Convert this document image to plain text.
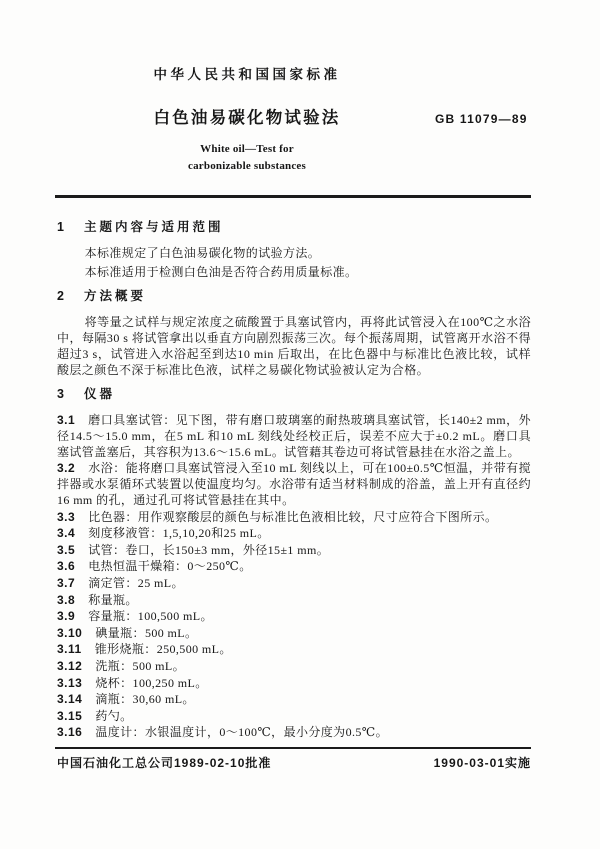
中华人民共和国国家标准
白色油易碳化物试验法	GB 11079—89
White oil—Test for
carbonizable substances
1 主题内容与适用范围

本标准规定了白色油易碳化物的试验方法。

本标准适用于检测白色油是否符合药用质量标准。

2 方法概要

将等量之试样与规定浓度之硫酸置于具塞试管内，再将此试管浸入在100℃之水浴中，每隔30 s 将试管拿出以垂直方向剧烈振荡三次。每个振荡周期，试管离开水浴不得超过3 s，试管进入水浴起至到达10 min 后取出，在比色器中与标准比色液比较，试样酸层之颜色不深于标准比色液，试样之易碳化物试验被认定为合格。

3 仪器

3.1 磨口具塞试管：见下图，带有磨口玻璃塞的耐热玻璃具塞试管，长140±2 mm，外径14.5～15.0 mm，在5 mL 和10 mL 刻线处经校正后，误差不应大于±0.2 mL。磨口具塞试管盖塞后，其容积为13.6～15.6 mL。试管藉其卷边可将试管悬挂在水浴之盖上。

3.2 水浴：能将磨口具塞试管浸入至10 mL 刻线以上，可在100±0.5℃恒温，并带有搅拌器或水泵循环式装置以使温度均匀。水浴带有适当材料制成的浴盖，盖上开有直径约16 mm 的孔，通过孔可将试管悬挂在其中。

3.3 比色器：用作观察酸层的颜色与标准比色液相比较，尺寸应符合下图所示。

3.4 刻度移液管：1,5,10,20和25 mL。

3.5 试管：卷口，长150±3 mm，外径15±1 mm。

3.6 电热恒温干燥箱：0～250℃。

3.7 滴定管：25 mL。

3.8 称量瓶。

3.9 容量瓶：100,500 mL。

3.10 碘量瓶：500 mL。

3.11 锥形烧瓶：250,500 mL。

3.12 洗瓶：500 mL。

3.13 烧杯：100,250 mL。

3.14 滴瓶：30,60 mL。

3.15 药勺。

3.16 温度计：水银温度计，0～100℃，最小分度为0.5℃。

中国石油化工总公司1989-02-10批准	1990-03-01实施
